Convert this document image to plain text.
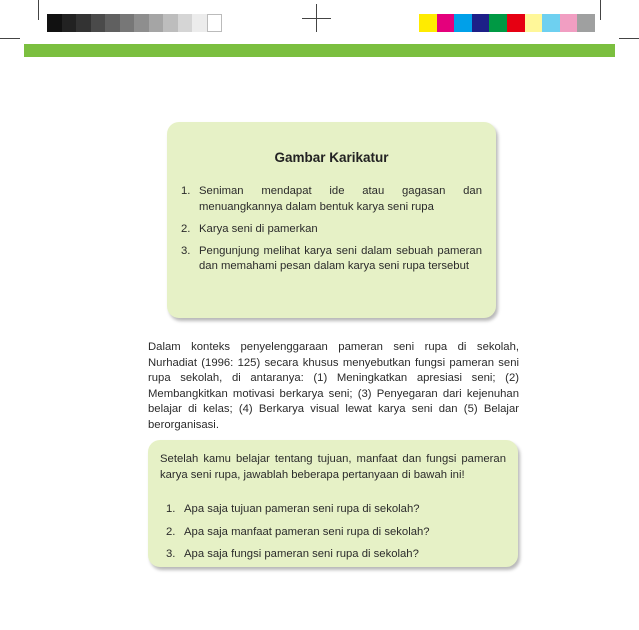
Gambar Karikatur
1. Seniman mendapat ide atau gagasan dan menuangkannya dalam bentuk karya seni rupa
2. Karya seni di pamerkan
3. Pengunjung melihat karya seni dalam sebuah pameran dan memahami pesan dalam karya seni rupa tersebut

Dalam konteks penyelenggaraan pameran seni rupa di sekolah, Nurhadiat (1996: 125) secara khusus menyebutkan fungsi pameran seni rupa sekolah, di antaranya: (1) Meningkatkan apresiasi seni; (2) Membangkitkan motivasi berkarya seni; (3) Penyegaran dari kejenuhan belajar di kelas; (4) Berkarya visual lewat karya seni dan (5) Belajar berorganisasi.

Setelah kamu belajar tentang tujuan, manfaat dan fungsi pameran karya seni rupa, jawablah beberapa pertanyaan di bawah ini!

1. Apa saja tujuan pameran seni rupa di sekolah?
2. Apa saja manfaat pameran seni rupa di sekolah?
3. Apa saja fungsi pameran seni rupa di sekolah?
